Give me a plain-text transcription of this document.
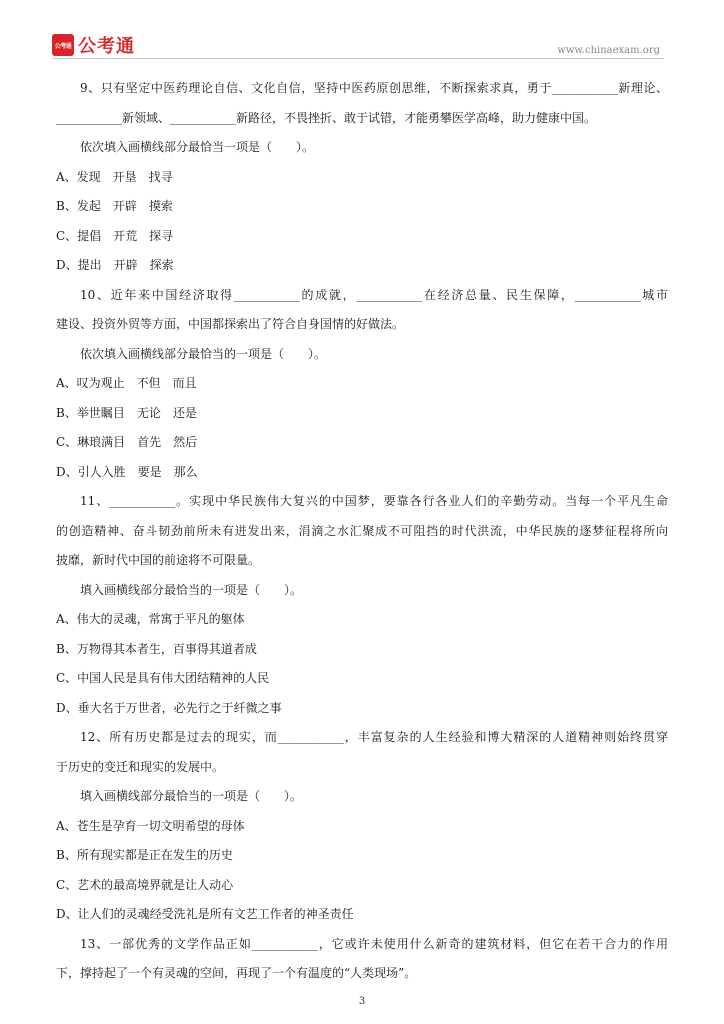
公考通 公考通	www.chinaexam.org
9、只有坚定中医药理论自信、文化自信，坚持中医药原创思维，不断探索求真，勇于___________新理论、
___________新领域、___________新路径，不畏挫折、敢于试错，才能勇攀医学高峰，助力健康中国。
依次填入画横线部分最恰当一项是（　　）。
A、发现　开垦　找寻
B、发起　开辟　摸索
C、提倡　开荒　探寻
D、提出　开辟　探索
10、近年来中国经济取得___________的成就，___________在经济总量、民生保障，___________城市
建设、投资外贸等方面，中国都探索出了符合自身国情的好做法。
依次填入画横线部分最恰当的一项是（　　）。
A、叹为观止　不但　而且
B、举世瞩目　无论　还是
C、琳琅满目　首先　然后
D、引人入胜　要是　那么
11、___________。实现中华民族伟大复兴的中国梦，要靠各行各业人们的辛勤劳动。当每一个平凡生命
的创造精神、奋斗韧劲前所未有迸发出来，涓滴之水汇聚成不可阻挡的时代洪流，中华民族的逐梦征程将所向
披靡，新时代中国的前途将不可限量。
填入画横线部分最恰当的一项是（　　）。
A、伟大的灵魂，常寓于平凡的躯体
B、万物得其本者生，百事得其道者成
C、中国人民是具有伟大团结精神的人民
D、垂大名于万世者，必先行之于纤微之事
12、所有历史都是过去的现实，而___________，丰富复杂的人生经验和博大精深的人道精神则始终贯穿
于历史的变迁和现实的发展中。
填入画横线部分最恰当的一项是（　　）。
A、苍生是孕育一切文明希望的母体
B、所有现实都是正在发生的历史
C、艺术的最高境界就是让人动心
D、让人们的灵魂经受洗礼是所有文艺工作者的神圣责任
13、一部优秀的文学作品正如___________，它或许未使用什么新奇的建筑材料，但它在若干合力的作用
下，撑持起了一个有灵魂的空间，再现了一个有温度的“人类现场”。
3
